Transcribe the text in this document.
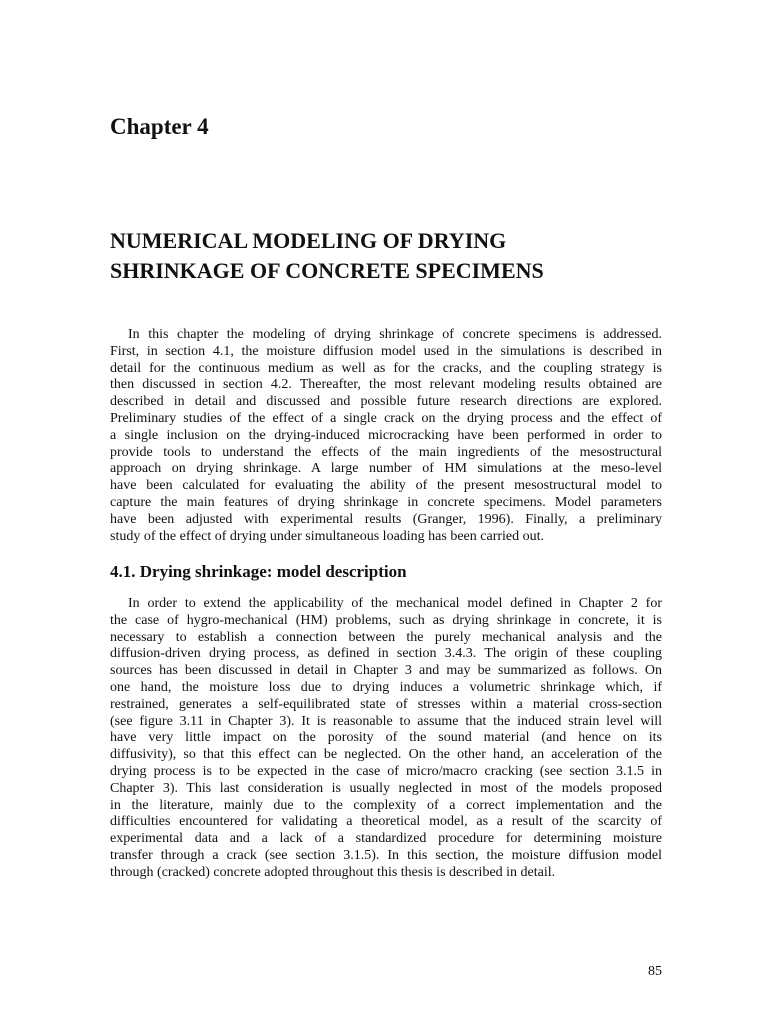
Chapter 4
NUMERICAL MODELING OF DRYING
SHRINKAGE OF CONCRETE SPECIMENS

In this chapter the modeling of drying shrinkage of concrete specimens is addressed.
First, in section 4.1, the moisture diffusion model used in the simulations is described in
detail for the continuous medium as well as for the cracks, and the coupling strategy is
then discussed in section 4.2. Thereafter, the most relevant modeling results obtained are
described in detail and discussed and possible future research directions are explored.
Preliminary studies of the effect of a single crack on the drying process and the effect of
a single inclusion on the drying-induced microcracking have been performed in order to
provide tools to understand the effects of the main ingredients of the mesostructural
approach on drying shrinkage. A large number of HM simulations at the meso-level
have been calculated for evaluating the ability of the present mesostructural model to
capture the main features of drying shrinkage in concrete specimens. Model parameters
have been adjusted with experimental results (Granger, 1996). Finally, a preliminary
study of the effect of drying under simultaneous loading has been carried out.

4.1. Drying shrinkage: model description

In order to extend the applicability of the mechanical model defined in Chapter 2 for
the case of hygro-mechanical (HM) problems, such as drying shrinkage in concrete, it is
necessary to establish a connection between the purely mechanical analysis and the
diffusion-driven drying process, as defined in section 3.4.3. The origin of these coupling
sources has been discussed in detail in Chapter 3 and may be summarized as follows. On
one hand, the moisture loss due to drying induces a volumetric shrinkage which, if
restrained, generates a self-equilibrated state of stresses within a material cross-section
(see figure 3.11 in Chapter 3). It is reasonable to assume that the induced strain level will
have very little impact on the porosity of the sound material (and hence on its
diffusivity), so that this effect can be neglected. On the other hand, an acceleration of the
drying process is to be expected in the case of micro/macro cracking (see section 3.1.5 in
Chapter 3). This last consideration is usually neglected in most of the models proposed
in the literature, mainly due to the complexity of a correct implementation and the
difficulties encountered for validating a theoretical model, as a result of the scarcity of
experimental data and a lack of a standardized procedure for determining moisture
transfer through a crack (see section 3.1.5). In this section, the moisture diffusion model
through (cracked) concrete adopted throughout this thesis is described in detail.

85
